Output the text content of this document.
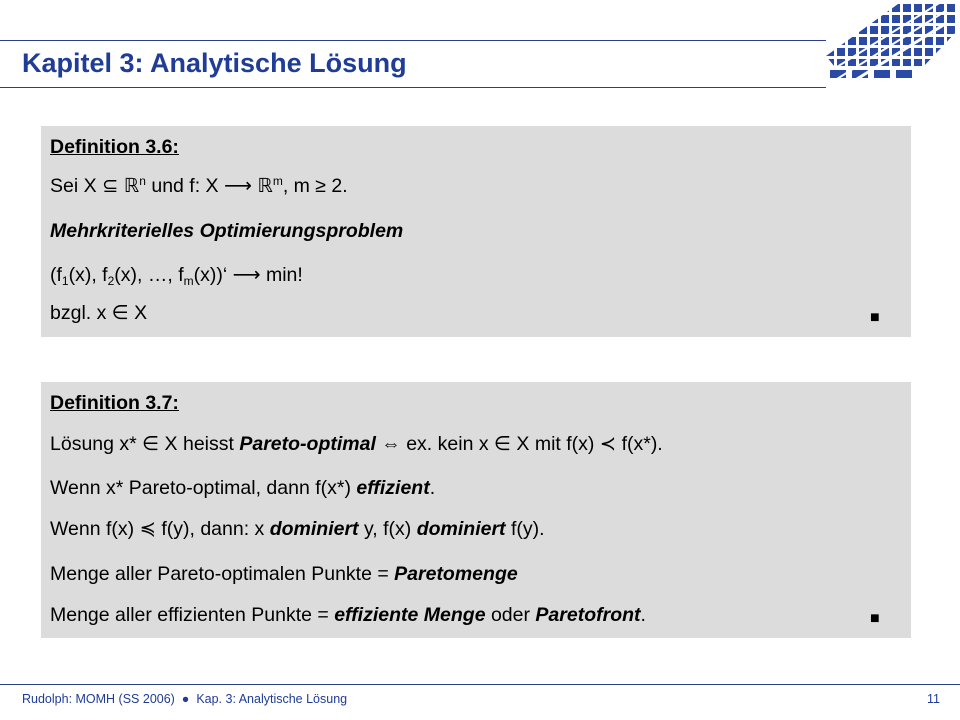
Kapitel 3: Analytische Lösung
Definition 3.6:
Sei X ⊆ ℝ$^n$ und f: X ⟶ ℝ$^m$, m ≥ 2.
Mehrkriterielles Optimierungsproblem
($f_1(x)$, $f_2(x)$, …, $f_m(x))‘$ ⟶ min!
bzgl. x ∈ X	■
Definition 3.7:
Lösung x* ∈ X heisst Pareto-optimal ⇔ ex. kein x ∈ X mit f(x) ≺ f(x*).
Wenn x* Pareto-optimal, dann f(x*) effizient.
Wenn f(x) ≼ f(y), dann: x dominiert y, f(x) dominiert f(y).
Menge aller Pareto-optimalen Punkte = Paretomenge
Menge aller effizienten Punkte = effiziente Menge oder Paretofront.	■
Rudolph: MOMH (SS 2006) ● Kap. 3: Analytische Lösung	11
